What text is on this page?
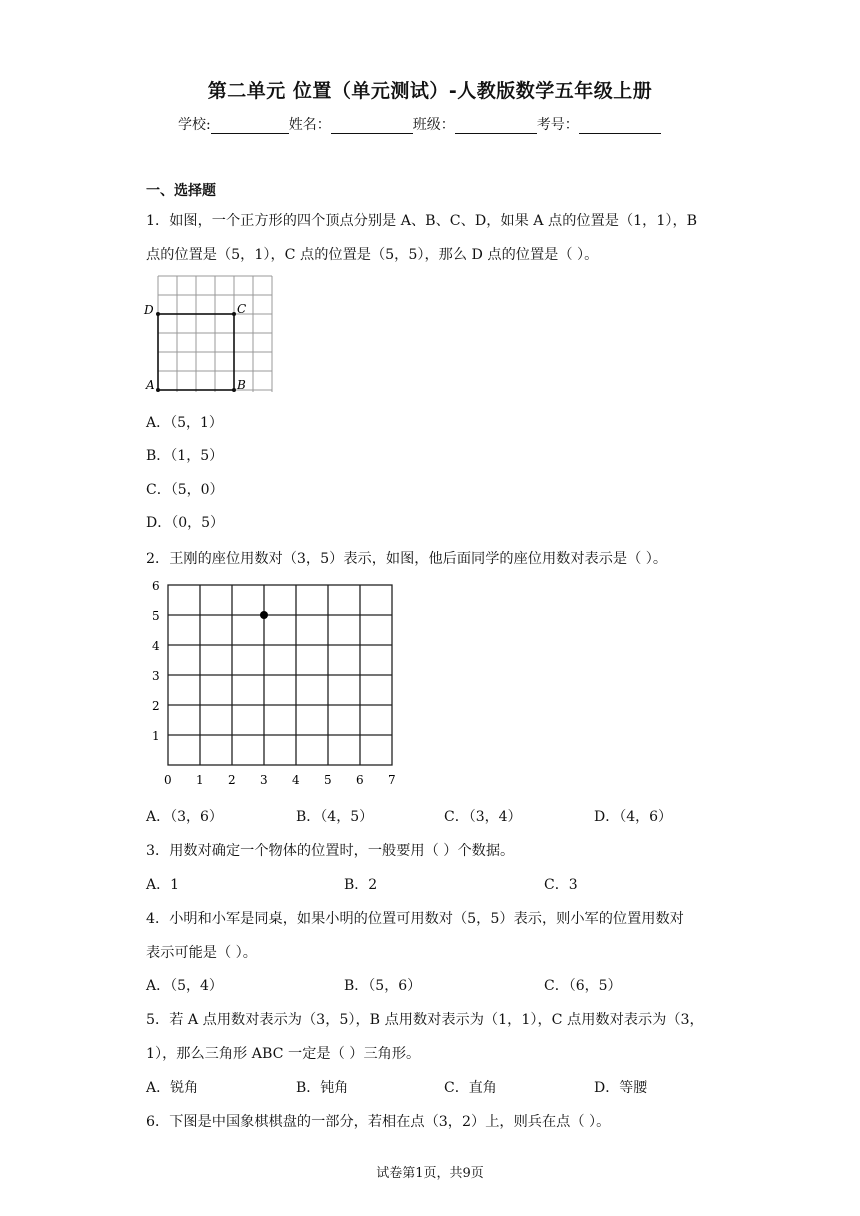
第二单元 位置（单元测试）-人教版数学五年级上册
学校:	姓名：	班级：	考号：
一、选择题
1．如图，一个正方形的四个顶点分别是 A、B、C、D，如果 A 点的位置是（1，1），B
点的位置是（5，1），C 点的位置是（5，5），那么 D 点的位置是（ ）。
D	C
A	B
A．（5，1）
B．（1，5）
C．（5，0）
D．（0，5）
2．王刚的座位用数对（3，5）表示，如图，他后面同学的座位用数对表示是（ ）。
0 1 2 3 4 5 6 7
1
2
3
4
5
6
A．（3，6）	B．（4，5）	C．（3，4）	D．（4，6）
3．用数对确定一个物体的位置时，一般要用（ ）个数据。
A．1	B．2	C．3
4．小明和小军是同桌，如果小明的位置可用数对（5，5）表示，则小军的位置用数对
表示可能是（ ）。
A．（5，4）	B．（5，6）	C．（6，5）
5．若 A 点用数对表示为（3，5），B 点用数对表示为（1，1），C 点用数对表示为（3，
1），那么三角形 ABC 一定是（ ）三角形。
A．锐角	B．钝角	C．直角	D．等腰
6．下图是中国象棋棋盘的一部分，若相在点（3，2）上，则兵在点（ ）。
试卷第1页，共9页
